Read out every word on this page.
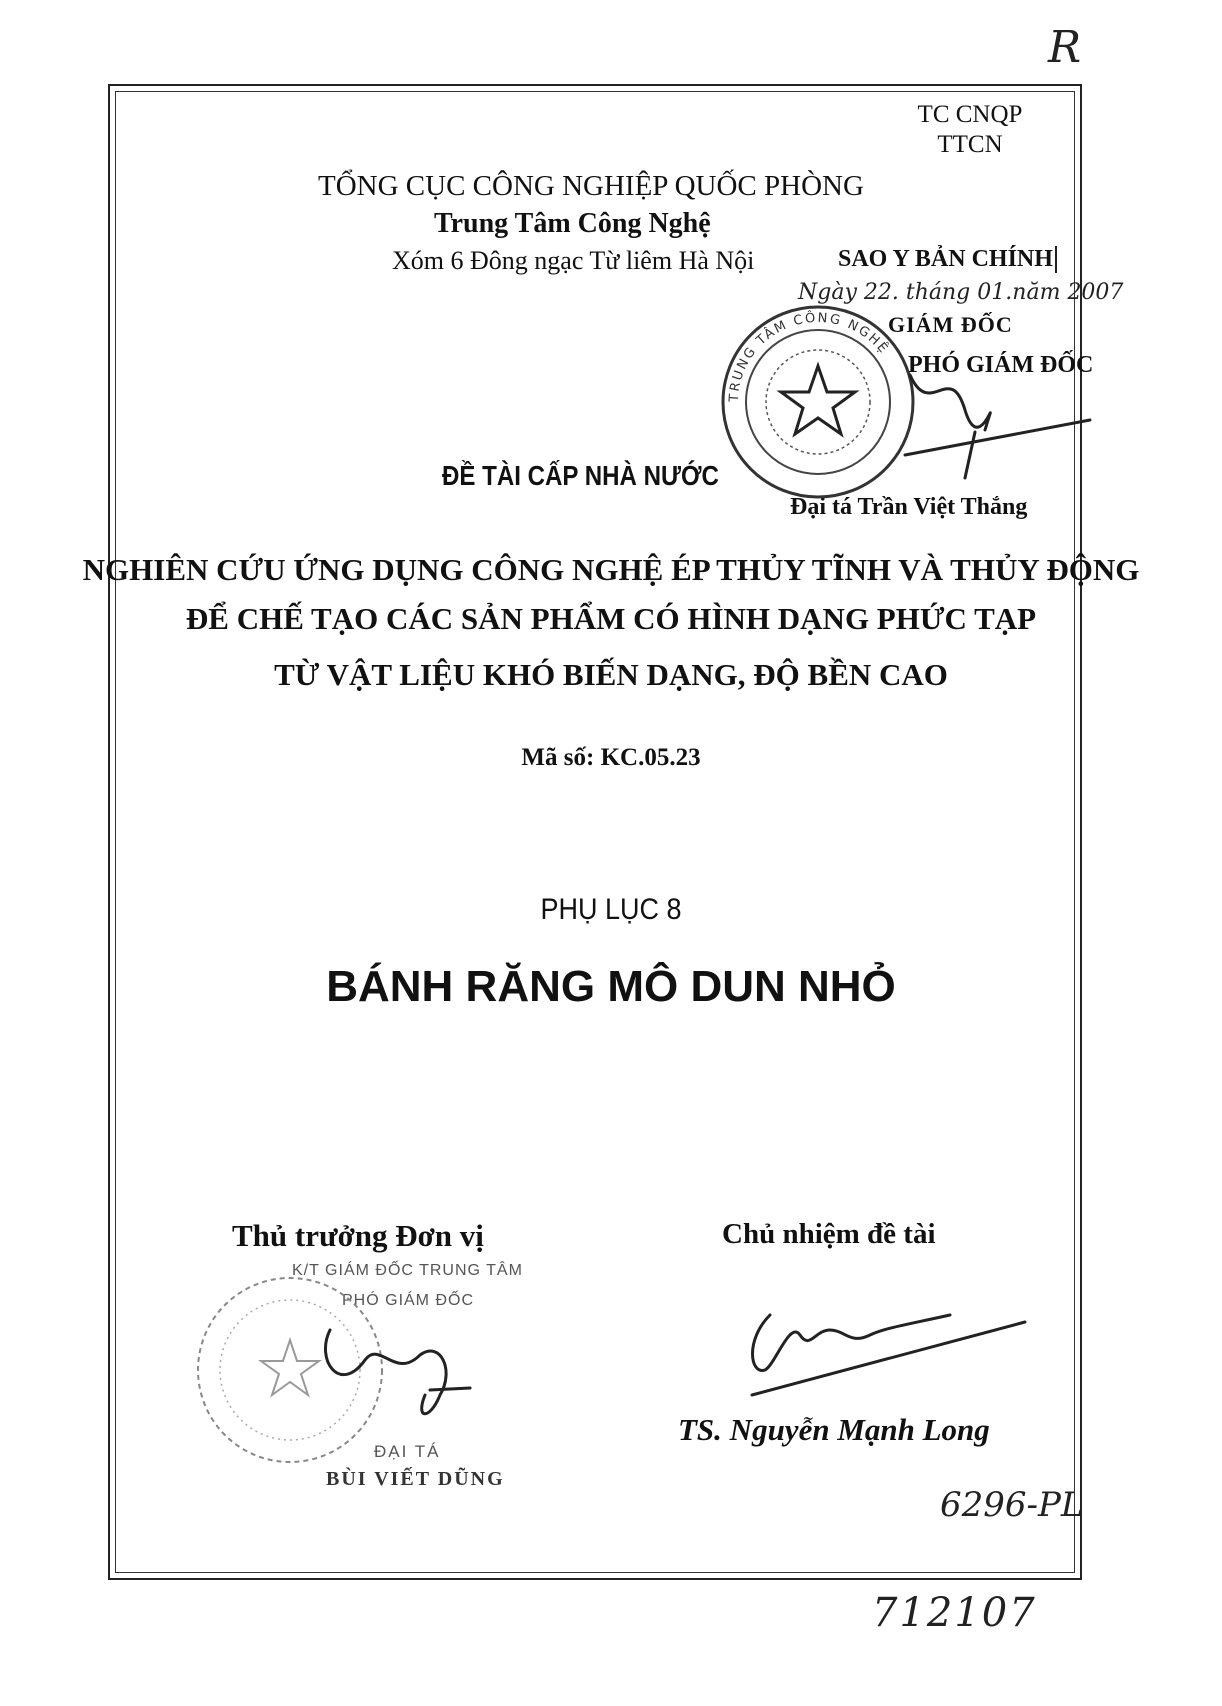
R
712107
TC CNQP
TTCN
TỔNG CỤC CÔNG NGHIỆP QUỐC PHÒNG
Trung Tâm Công Nghệ
Xóm 6 Đông ngạc Từ liêm Hà Nội	SAO Y BẢN CHÍNH
Ngày 22. tháng 01.năm 2007
GIÁM ĐỐC
PHÓ GIÁM ĐỐC
Đại tá Trần Việt Thắng
TRUNG TÂM CÔNG NGHỆ
ĐỀ TÀI CẤP NHÀ NƯỚC
NGHIÊN CỨU ỨNG DỤNG CÔNG NGHỆ ÉP THỦY TĨNH VÀ THỦY ĐỘNG
ĐỂ CHẾ TẠO CÁC SẢN PHẨM CÓ HÌNH DẠNG PHỨC TẠP
TỪ VẬT LIỆU KHÓ BIẾN DẠNG, ĐỘ BỀN CAO
Mã số: KC.05.23
PHỤ LỤC 8
BÁNH RĂNG MÔ DUN NHỎ
Thủ trưởng Đơn vị
K/T GIÁM ĐỐC TRUNG TÂM
PHÓ GIÁM ĐỐC
ĐẠI TÁ
BÙI VIẾT DŨNG
Chủ nhiệm đề tài
TS. Nguyễn Mạnh Long
6296-PL
